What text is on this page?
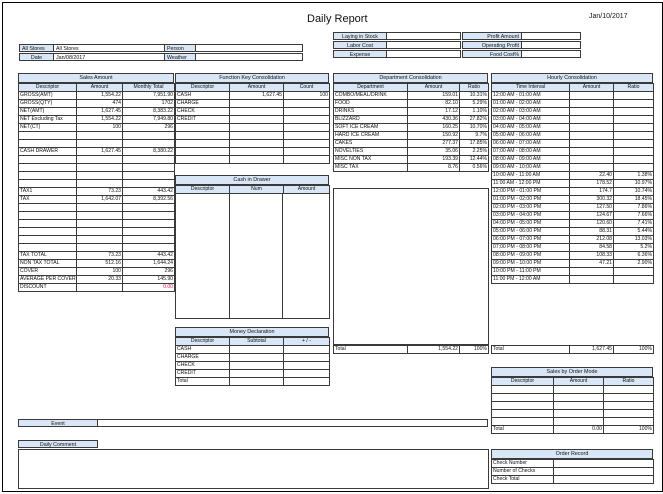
Daily Report	Jan/10/2017
Laying in Stock
Labor Cost
Expense
Profit Amount
Operating Profit
Food Cost%
All Stores	All Stores	Person
Date	Jan/08/2017	Weather
Sales Amount
Descriptor	Amount	Monthly Total
GROSS(AMT)	1,554.22	7,951.90
GROSS(QTY)	474	1702
NET(AMT)	1,627.45	8,383.22
NET Excluding Tax	1,554.22	7,949.80
NET(CT)	100	296

CASH DRAWER	1,627.45	8,380.22

TAX1	73.23	443.42
TAX	1,642.07	8,392.56

TAX TOTAL	73.23	443.42
NON TAX TOTAL	512.16	1,644.24
COVER	100	296
AVERAGE PER COVER	20.33	145.90
DISCOUNT		0.00
Function Key Consolidation
Descriptor	Amount	Count
CASH	1,627.45	100
CHARGE		
CHECK		
CREDIT		

Cash in Drawer
Descriptor	Num	Amount
Money Declaration
Descriptor	Subtotal	+ / -
CASH		
CHARGE		
CHECK		
CREDIT		
Total		
Department Consolidation
Department	Amount	Ratio
COMBO/MEAL/DRINK	159.01	10.31%
FOOD	82.10	5.29%
DRINKS	17.12	1.10%
BLIZZARD	430.36	27.82%
SOFT ICE CREAM	160.25	10.70%
HARD ICE CREAM	150.92	9.7%
CAKES	277.37	17.85%
NOVELTIES	35.06	2.25%
MISC NON TAX	193.39	12.44%
MISC TAX	8.76	0.56%
Total	1,554.22	100%
Hourly Consolidation
Time Interval	Amount	Ratio
12:00 AM - 01:00 AM		
01:00 AM - 02:00 AM		
02:00 AM - 03:00 AM		
03:00 AM - 04:00 AM		
04:00 AM - 05:00 AM		
05:00 AM - 06:00 AM		
06:00 AM - 07:00 AM		
07:00 AM - 08:00 AM		
08:00 AM - 09:00 AM		
09:00 AM - 10:00 AM		
10:00 AM - 11:00 AM	22.40	1.38%
11:00 AM - 12:00 PM	178.52	10.97%
12:00 PM - 01:00 PM	174.7	10.74%
01:00 PM - 02:00 PM	300.32	18.45%
02:00 PM - 03:00 PM	127.50	7.86%
03:00 PM - 04:00 PM	124.67	7.66%
04:00 PM - 05:00 PM	120.60	7.41%
05:00 PM - 06:00 PM	88.31	5.44%
06:00 PM - 07:00 PM	212.08	13.03%
07:00 PM - 08:00 PM	84.58	5.2%
08:00 PM - 09:00 PM	108.33	6.36%
09:00 PM - 10:00 PM	47.21	2.90%
10:00 PM - 11:00 PM		
11:00 PM - 12:00 AM		
Total	1,627.45	100%
Sales by Order Mode
Descriptor	Amount	Ratio

Total	0.00	100%
Order Record
Check Number	
Number of Checks	
Check Total	
Event
Daily Comment
